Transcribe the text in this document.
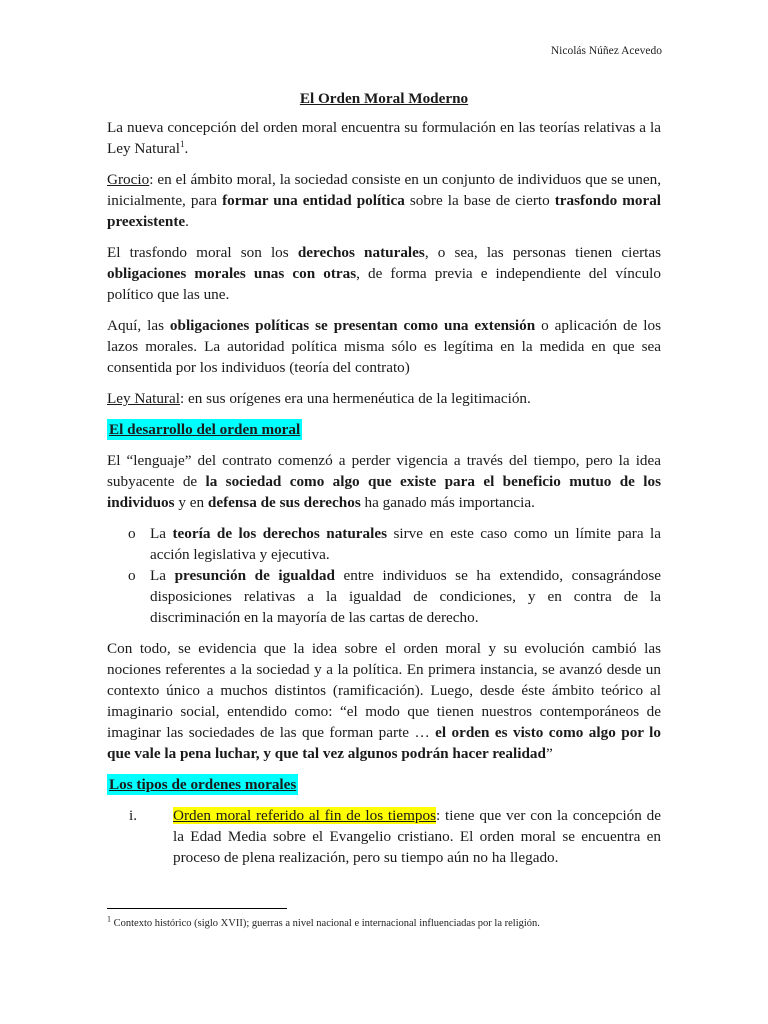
Nicolás Núñez Acevedo
El Orden Moral Moderno

La nueva concepción del orden moral encuentra su formulación en las teorías relativas a la Ley Natural$^1$.

Grocio: en el ámbito moral, la sociedad consiste en un conjunto de individuos que se unen, inicialmente, para formar una entidad política sobre la base de cierto trasfondo moral preexistente.

El trasfondo moral son los derechos naturales, o sea, las personas tienen ciertas obligaciones morales unas con otras, de forma previa e independiente del vínculo político que las une.

Aquí, las obligaciones políticas se presentan como una extensión o aplicación de los lazos morales. La autoridad política misma sólo es legítima en la medida en que sea consentida por los individuos (teoría del contrato)

Ley Natural: en sus orígenes era una hermenéutica de la legitimación.

El desarrollo del orden moral

El “lenguaje” del contrato comenzó a perder vigencia a través del tiempo, pero la idea subyacente de la sociedad como algo que existe para el beneficio mutuo de los individuos y en defensa de sus derechos ha ganado más importancia.

o La teoría de los derechos naturales sirve en este caso como un límite para la acción legislativa y ejecutiva.
o La presunción de igualdad entre individuos se ha extendido, consagrándose disposiciones relativas a la igualdad de condiciones, y en contra de la discriminación en la mayoría de las cartas de derecho.

Con todo, se evidencia que la idea sobre el orden moral y su evolución cambió las nociones referentes a la sociedad y a la política. En primera instancia, se avanzó desde un contexto único a muchos distintos (ramificación). Luego, desde éste ámbito teórico al imaginario social, entendido como: “el modo que tienen nuestros contemporáneos de imaginar las sociedades de las que forman parte … el orden es visto como algo por lo que vale la pena luchar, y que tal vez algunos podrán hacer realidad”

Los tipos de ordenes morales
i.	Orden moral referido al fin de los tiempos: tiene que ver con la concepción de la Edad Media sobre el Evangelio cristiano. El orden moral se encuentra en proceso de plena realización, pero su tiempo aún no ha llegado.
$^1$ Contexto histórico (siglo XVII); guerras a nivel nacional e internacional influenciadas por la religión.
